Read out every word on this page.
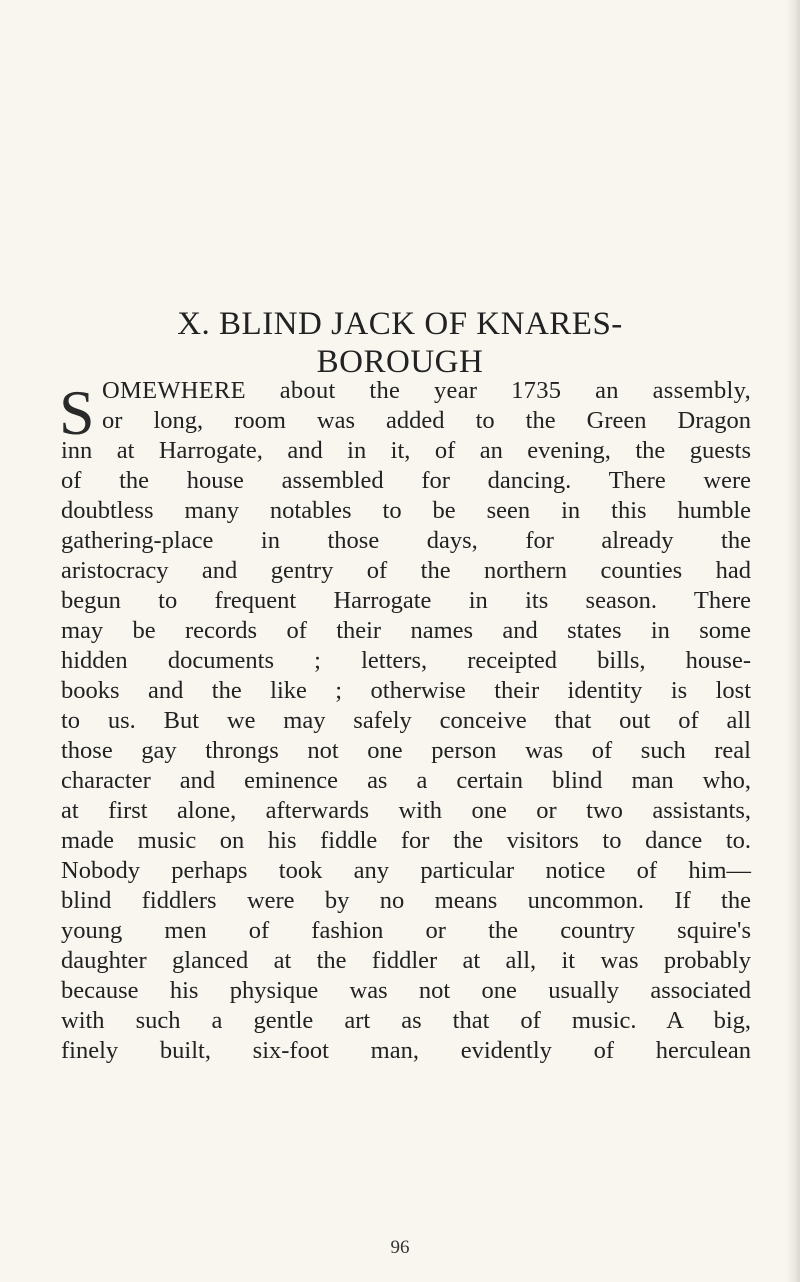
X. BLIND JACK OF KNARES-
BOROUGH
S OMEWHERE about the year 1735 an assembly,
or long, room was added to the Green Dragon
inn at Harrogate, and in it, of an evening, the guests
of the house assembled for dancing. There were
doubtless many notables to be seen in this humble
gathering-place in those days, for already the
aristocracy and gentry of the northern counties had
begun to frequent Harrogate in its season. There
may be records of their names and states in some
hidden documents ; letters, receipted bills, house-
books and the like ; otherwise their identity is lost
to us. But we may safely conceive that out of all
those gay throngs not one person was of such real
character and eminence as a certain blind man who,
at first alone, afterwards with one or two assistants,
made music on his fiddle for the visitors to dance to.
Nobody perhaps took any particular notice of him—
blind fiddlers were by no means uncommon. If the
young men of fashion or the country squire's
daughter glanced at the fiddler at all, it was probably
because his physique was not one usually associated
with such a gentle art as that of music. A big,
finely built, six-foot man, evidently of herculean
96
